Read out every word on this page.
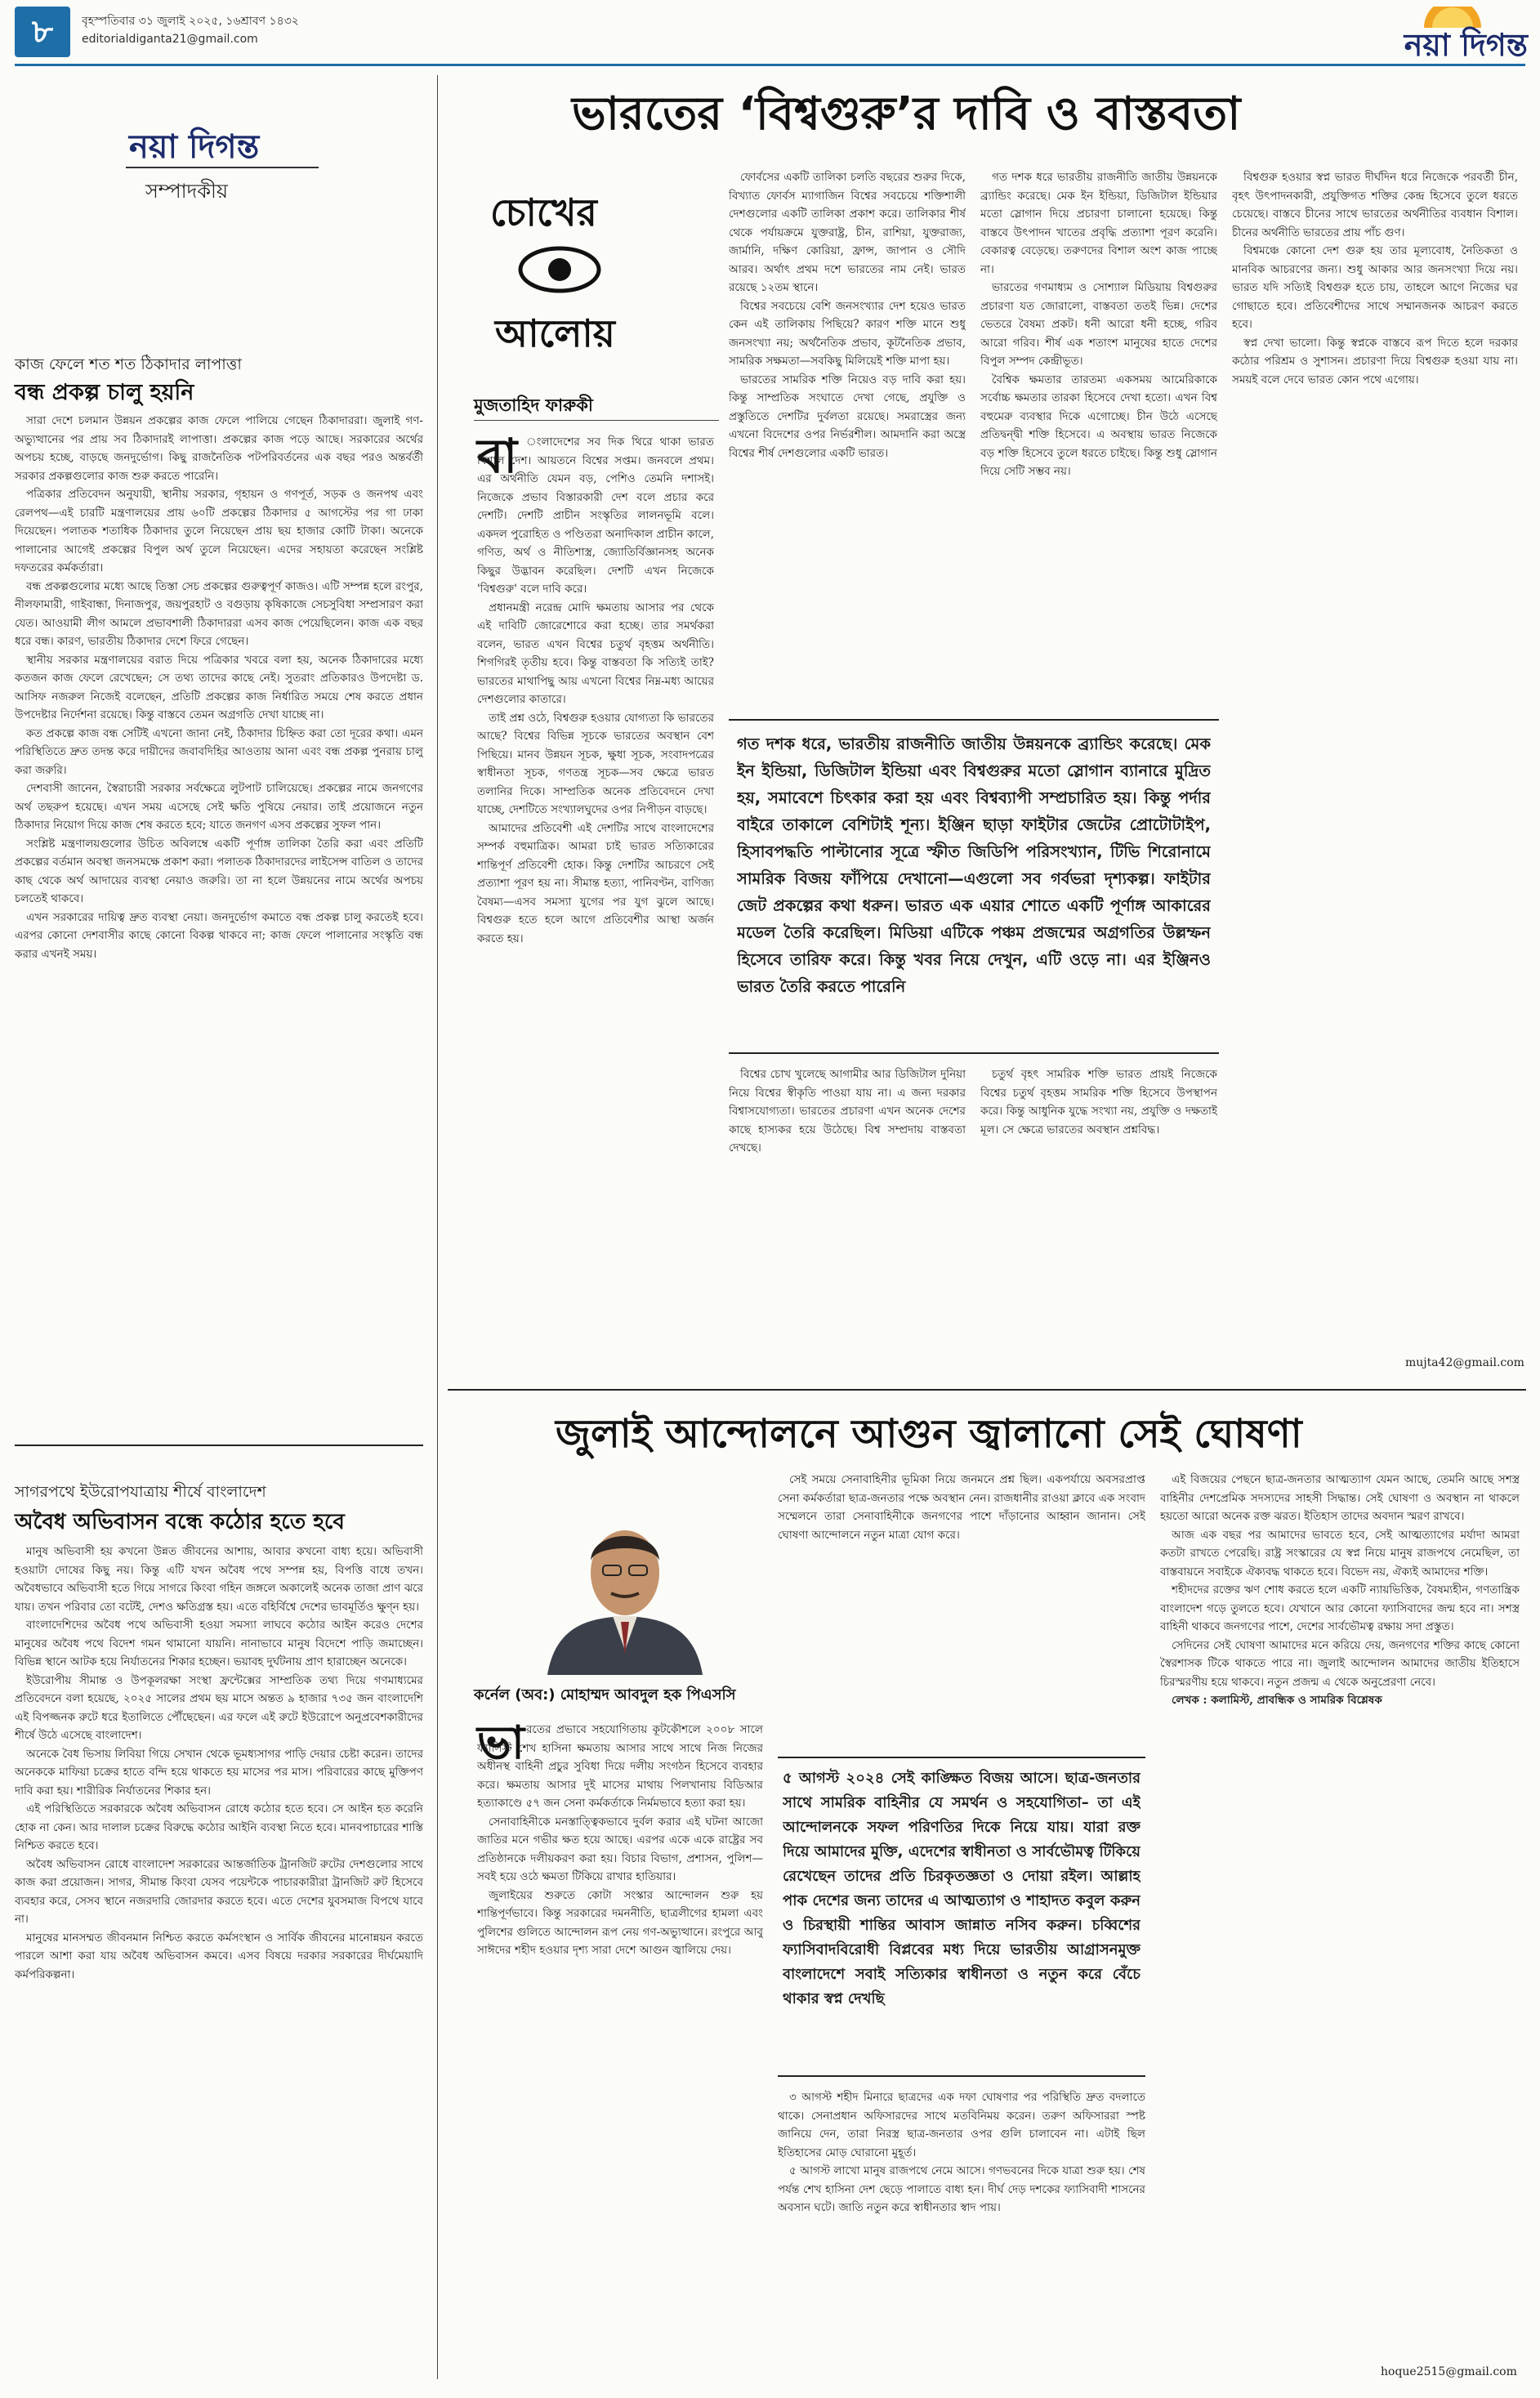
৮	বৃহস্পতিবার ৩১ জুলাই ২০২৫, ১৬শ্রাবণ ১৪৩২
editorialdiganta21@gmail.com	নয়া দিগন্ত
নয়া দিগন্ত
সম্পাদকীয়
কাজ ফেলে শত শত ঠিকাদার লাপাত্তা
বন্ধ প্রকল্প চালু হয়নি

সারা দেশে চলমান উন্নয়ন প্রকল্পের কাজ ফেলে পালিয়ে গেছেন ঠিকাদাররা। জুলাই গণ-অভ্যুত্থানের পর প্রায় সব ঠিকাদারই লাপাত্তা। প্রকল্পের কাজ পড়ে আছে। সরকারের অর্থের অপচয় হচ্ছে, বাড়ছে জনদুর্ভোগ। কিছু রাজনৈতিক পটপরিবর্তনের এক বছর পরও অন্তর্বর্তী সরকার প্রকল্পগুলোর কাজ শুরু করতে পারেনি।

পত্রিকার প্রতিবেদন অনুযায়ী, স্থানীয় সরকার, গৃহায়ন ও গণপূর্ত, সড়ক ও জনপথ এবং রেলপথ—এই চারটি মন্ত্রণালয়ের প্রায় ৬০টি প্রকল্পের ঠিকাদার ৫ আগস্টের পর গা ঢাকা দিয়েছেন। পলাতক শতাধিক ঠিকাদার তুলে নিয়েছেন প্রায় ছয় হাজার কোটি টাকা। অনেকে পালানোর আগেই প্রকল্পের বিপুল অর্থ তুলে নিয়েছেন। এদের সহায়তা করেছেন সংশ্লিষ্ট দফতরের কর্মকর্তারা।

বন্ধ প্রকল্পগুলোর মধ্যে আছে তিস্তা সেচ প্রকল্পের গুরুত্বপূর্ণ কাজও। এটি সম্পন্ন হলে রংপুর, নীলফামারী, গাইবান্ধা, দিনাজপুর, জয়পুরহাট ও বগুড়ায় কৃষিকাজে সেচসুবিধা সম্প্রসারণ করা যেত। আওয়ামী লীগ আমলে প্রভাবশালী ঠিকাদাররা এসব কাজ পেয়েছিলেন। কাজ এক বছর ধরে বন্ধ। কারণ, ভারতীয় ঠিকাদার দেশে ফিরে গেছেন।

স্থানীয় সরকার মন্ত্রণালয়ের বরাত দিয়ে পত্রিকার খবরে বলা হয়, অনেক ঠিকাদারের মধ্যে কতজন কাজ ফেলে রেখেছেন; সে তথ্য তাদের কাছে নেই। সুতরাং প্রতিকারও উপদেষ্টা ড. আসিফ নজরুল নিজেই বলেছেন, প্রতিটি প্রকল্পের কাজ নির্ধারিত সময়ে শেষ করতে প্রধান উপদেষ্টার নির্দেশনা রয়েছে। কিন্তু বাস্তবে তেমন অগ্রগতি দেখা যাচ্ছে না।

কত প্রকল্পে কাজ বন্ধ সেটিই এখনো জানা নেই, ঠিকাদার চিহ্নিত করা তো দূরের কথা। এমন পরিস্থিতিতে দ্রুত তদন্ত করে দায়ীদের জবাবদিহির আওতায় আনা এবং বন্ধ প্রকল্প পুনরায় চালু করা জরুরি।

দেশবাসী জানেন, স্বৈরাচারী সরকার সর্বক্ষেত্রে লুটপাট চালিয়েছে। প্রকল্পের নামে জনগণের অর্থ তছরুপ হয়েছে। এখন সময় এসেছে সেই ক্ষতি পুষিয়ে নেয়ার। তাই প্রয়োজনে নতুন ঠিকাদার নিয়োগ দিয়ে কাজ শেষ করতে হবে; যাতে জনগণ এসব প্রকল্পের সুফল পান।

সংশ্লিষ্ট মন্ত্রণালয়গুলোর উচিত অবিলম্বে একটি পূর্ণাঙ্গ তালিকা তৈরি করা এবং প্রতিটি প্রকল্পের বর্তমান অবস্থা জনসমক্ষে প্রকাশ করা। পলাতক ঠিকাদারদের লাইসেন্স বাতিল ও তাদের কাছ থেকে অর্থ আদায়ের ব্যবস্থা নেয়াও জরুরি। তা না হলে উন্নয়নের নামে অর্থের অপচয় চলতেই থাকবে।

এখন সরকারের দায়িত্ব দ্রুত ব্যবস্থা নেয়া। জনদুর্ভোগ কমাতে বন্ধ প্রকল্প চালু করতেই হবে। এরপর কোনো দেশবাসীর কাছে কোনো বিকল্প থাকবে না; কাজ ফেলে পালানোর সংস্কৃতি বন্ধ করার এখনই সময়।

সাগরপথে ইউরোপযাত্রায় শীর্ষে বাংলাদেশ
অবৈধ অভিবাসন বন্ধে কঠোর হতে হবে

মানুষ অভিবাসী হয় কখনো উন্নত জীবনের আশায়, আবার কখনো বাধ্য হয়ে। অভিবাসী হওয়াটা দোষের কিছু নয়। কিন্তু এটি যখন অবৈধ পথে সম্পন্ন হয়, বিপত্তি বাধে তখন। অবৈধভাবে অভিবাসী হতে গিয়ে সাগরে কিংবা গহিন জঙ্গলে অকালেই অনেক তাজা প্রাণ ঝরে যায়। তখন পরিবার তো বটেই, দেশও ক্ষতিগ্রস্ত হয়। এতে বহির্বিশ্বে দেশের ভাবমূর্তিও ক্ষুণ্ন হয়।

বাংলাদেশিদের অবৈধ পথে অভিবাসী হওয়া সমস্যা লাঘবে কঠোর আইন করেও দেশের মানুষের অবৈধ পথে বিদেশ গমন থামানো যায়নি। নানাভাবে মানুষ বিদেশে পাড়ি জমাচ্ছেন। বিভিন্ন স্থানে আটক হয়ে নির্যাতনের শিকার হচ্ছেন। ভয়াবহ দুর্ঘটনায় প্রাণ হারাচ্ছেন অনেকে।

ইউরোপীয় সীমান্ত ও উপকূলরক্ষা সংস্থা ফ্রন্টেক্সের সাম্প্রতিক তথ্য দিয়ে গণমাধ্যমের প্রতিবেদনে বলা হয়েছে, ২০২৫ সালের প্রথম ছয় মাসে অন্তত ৯ হাজার ৭৩৫ জন বাংলাদেশি এই বিপজ্জনক রুটে ধরে ইতালিতে পৌঁছেছেন। এর ফলে এই রুটে ইউরোপে অনুপ্রবেশকারীদের শীর্ষে উঠে এসেছে বাংলাদেশ।

অনেকে বৈধ ভিসায় লিবিয়া গিয়ে সেখান থেকে ভূমধ্যসাগর পাড়ি দেয়ার চেষ্টা করেন। তাদের অনেককে মাফিয়া চক্রের হাতে বন্দি হয়ে থাকতে হয় মাসের পর মাস। পরিবারের কাছে মুক্তিপণ দাবি করা হয়। শারীরিক নির্যাতনের শিকার হন।

এই পরিস্থিতিতে সরকারকে অবৈধ অভিবাসন রোধে কঠোর হতে হবে। সে আইন হত করেনি হোক না কেন। আর দালাল চক্রের বিরুদ্ধে কঠোর আইনি ব্যবস্থা নিতে হবে। মানবপাচারের শাস্তি নিশ্চিত করতে হবে।

অবৈধ অভিবাসন রোধে বাংলাদেশ সরকারের আন্তর্জাতিক ট্রানজিট রুটের দেশগুলোর সাথে কাজ করা প্রয়োজন। সাগর, সীমান্ত কিংবা যেসব পয়েন্টকে পাচারকারীরা ট্রানজিট রুট হিসেবে ব্যবহার করে, সেসব স্থানে নজরদারি জোরদার করতে হবে। এতে দেশের যুবসমাজ বিপথে যাবে না।

মানুষের মানসম্মত জীবনমান নিশ্চিত করতে কর্মসংস্থান ও সার্বিক জীবনের মানোন্নয়ন করতে পারলে আশা করা যায় অবৈধ অভিবাসন কমবে। এসব বিষয়ে দরকার সরকারের দীর্ঘমেয়াদি কর্মপরিকল্পনা।

ভারতের ‘বিশ্বগুরু’র দাবি ও বাস্তবতা
চোখের
আলোয়
মুজতাহিদ ফারুকী
বা ংলাদেশের সব দিক থিরে থাকা ভারত বিশাল দেশ। আয়তনে বিশ্বের সপ্তম। জনবলে প্রথম। এর অর্থনীতি যেমন বড়, পেশিও তেমনি দশাসই। নিজেকে প্রভাব বিস্তারকারী দেশ বলে প্রচার করে দেশটি। দেশটি প্রাচীন সংস্কৃতির লালনভূমি বলে। একদল পুরোহিত ও পণ্ডিতরা অনাদিকাল প্রাচীন কালে, গণিত, অর্থ ও নীতিশাস্ত্র, জ্যোতির্বিজ্ঞানসহ অনেক কিছুর উদ্ভাবন করেছিল। দেশটি এখন নিজেকে 'বিশ্বগুরু' বলে দাবি করে।

প্রধানমন্ত্রী নরেন্দ্র মোদি ক্ষমতায় আসার পর থেকে এই দাবিটি জোরেশোরে করা হচ্ছে। তার সমর্থকরা বলেন, ভারত এখন বিশ্বের চতুর্থ বৃহত্তম অর্থনীতি। শিগগিরই তৃতীয় হবে। কিন্তু বাস্তবতা কি সত্যিই তাই? ভারতের মাথাপিছু আয় এখনো বিশ্বের নিম্ন-মধ্য আয়ের দেশগুলোর কাতারে।

তাই প্রশ্ন ওঠে, বিশ্বগুরু হওয়ার যোগ্যতা কি ভারতের আছে? বিশ্বের বিভিন্ন সূচকে ভারতের অবস্থান বেশ পিছিয়ে। মানব উন্নয়ন সূচক, ক্ষুধা সূচক, সংবাদপত্রের স্বাধীনতা সূচক, গণতন্ত্র সূচক—সব ক্ষেত্রে ভারত তলানির দিকে। সাম্প্রতিক অনেক প্রতিবেদনে দেখা যাচ্ছে, দেশটিতে সংখ্যালঘুদের ওপর নিপীড়ন বাড়ছে।

আমাদের প্রতিবেশী এই দেশটির সাথে বাংলাদেশের সম্পর্ক বহুমাত্রিক। আমরা চাই ভারত সত্যিকারের শান্তিপূর্ণ প্রতিবেশী হোক। কিন্তু দেশটির আচরণে সেই প্রত্যাশা পূরণ হয় না। সীমান্ত হত্যা, পানিবণ্টন, বাণিজ্য বৈষম্য—এসব সমস্যা যুগের পর যুগ ঝুলে আছে। বিশ্বগুরু হতে হলে আগে প্রতিবেশীর আস্থা অর্জন করতে হয়।

ফোর্বসের একটি তালিকা চলতি বছরের শুরুর দিকে, বিখ্যাত ফোর্বস ম্যাগাজিন বিশ্বের সবচেয়ে শক্তিশালী দেশগুলোর একটি তালিকা প্রকাশ করে। তালিকার শীর্ষ থেকে পর্যায়ক্রমে যুক্তরাষ্ট্র, চীন, রাশিয়া, যুক্তরাজ্য, জার্মানি, দক্ষিণ কোরিয়া, ফ্রান্স, জাপান ও সৌদি আরব। অর্থাৎ প্রথম দশে ভারতের নাম নেই। ভারত রয়েছে ১২তম স্থানে।

বিশ্বের সবচেয়ে বেশি জনসংখ্যার দেশ হয়েও ভারত কেন এই তালিকায় পিছিয়ে? কারণ শক্তি মানে শুধু জনসংখ্যা নয়; অর্থনৈতিক প্রভাব, কূটনৈতিক প্রভাব, সামরিক সক্ষমতা—সবকিছু মিলিয়েই শক্তি মাপা হয়।

ভারতের সামরিক শক্তি নিয়েও বড় দাবি করা হয়। কিন্তু সাম্প্রতিক সংঘাতে দেখা গেছে, প্রযুক্তি ও প্রস্তুতিতে দেশটির দুর্বলতা রয়েছে। সমরাস্ত্রের জন্য এখনো বিদেশের ওপর নির্ভরশীল। আমদানি করা অস্ত্রে বিশ্বের শীর্ষ দেশগুলোর একটি ভারত।

গত দশক ধরে ভারতীয় রাজনীতি জাতীয় উন্নয়নকে ব্র্যান্ডিং করেছে। মেক ইন ইন্ডিয়া, ডিজিটাল ইন্ডিয়ার মতো স্লোগান দিয়ে প্রচারণা চালানো হয়েছে। কিন্তু বাস্তবে উৎপাদন খাতের প্রবৃদ্ধি প্রত্যাশা পূরণ করেনি। বেকারত্ব বেড়েছে। তরুণদের বিশাল অংশ কাজ পাচ্ছে না।

ভারতের গণমাধ্যম ও সোশ্যাল মিডিয়ায় বিশ্বগুরুর প্রচারণা যত জোরালো, বাস্তবতা ততই ভিন্ন। দেশের ভেতরে বৈষম্য প্রকট। ধনী আরো ধনী হচ্ছে, গরিব আরো গরিব। শীর্ষ এক শতাংশ মানুষের হাতে দেশের বিপুল সম্পদ কেন্দ্রীভূত।

বৈশ্বিক ক্ষমতার তারতম্য একসময় আমেরিকাকে সর্বোচ্চ ক্ষমতার তারকা হিসেবে দেখা হতো। এখন বিশ্ব বহুমেরু ব্যবস্থার দিকে এগোচ্ছে। চীন উঠে এসেছে প্রতিদ্বন্দ্বী শক্তি হিসেবে। এ অবস্থায় ভারত নিজেকে বড় শক্তি হিসেবে তুলে ধরতে চাইছে। কিন্তু শুধু স্লোগান দিয়ে সেটি সম্ভব নয়।

বিশ্বগুরু হওয়ার স্বপ্ন ভারত দীর্ঘদিন ধরে নিজেকে পরবর্তী চীন, বৃহৎ উৎপাদনকারী, প্রযুক্তিগত শক্তির কেন্দ্র হিসেবে তুলে ধরতে চেয়েছে। বাস্তবে চীনের সাথে ভারতের অর্থনীতির ব্যবধান বিশাল। চীনের অর্থনীতি ভারতের প্রায় পাঁচ গুণ।

বিশ্বমঞ্চে কোনো দেশ গুরু হয় তার মূল্যবোধ, নৈতিকতা ও মানবিক আচরণের জন্য। শুধু আকার আর জনসংখ্যা দিয়ে নয়। ভারত যদি সত্যিই বিশ্বগুরু হতে চায়, তাহলে আগে নিজের ঘর গোছাতে হবে। প্রতিবেশীদের সাথে সম্মানজনক আচরণ করতে হবে।

স্বপ্ন দেখা ভালো। কিন্তু স্বপ্নকে বাস্তবে রূপ দিতে হলে দরকার কঠোর পরিশ্রম ও সুশাসন। প্রচারণা দিয়ে বিশ্বগুরু হওয়া যায় না। সময়ই বলে দেবে ভারত কোন পথে এগোয়।

গত দশক ধরে, ভারতীয় রাজনীতি জাতীয় উন্নয়নকে ব্র্যান্ডিং করেছে। মেক ইন ইন্ডিয়া, ডিজিটাল ইন্ডিয়া এবং বিশ্বগুরুর মতো স্লোগান ব্যানারে মুদ্রিত হয়, সমাবেশে চিৎকার করা হয় এবং বিশ্বব্যাপী সম্প্রচারিত হয়। কিন্তু পর্দার বাইরে তাকালে বেশিটাই শূন্য। ইঞ্জিন ছাড়া ফাইটার জেটের প্রোটোটাইপ, হিসাবপদ্ধতি পাল্টানোর সূত্রে স্ফীত জিডিপি পরিসংখ্যান, টিভি শিরোনামে সামরিক বিজয় ফাঁপিয়ে দেখানো—এগুলো সব গর্বভরা দৃশ্যকল্প। ফাইটার জেট প্রকল্পের কথা ধরুন। ভারত এক এয়ার শোতে একটি পূর্ণাঙ্গ আকারের মডেল তৈরি করেছিল। মিডিয়া এটিকে পঞ্চম প্রজন্মের অগ্রগতির উল্লম্ফন হিসেবে তারিফ করে। কিন্তু খবর নিয়ে দেখুন, এটি ওড়ে না। এর ইঞ্জিনও ভারত তৈরি করতে পারেনি

বিশ্বের চোখ খুলেছে আগামীর আর ডিজিটাল দুনিয়া নিয়ে বিশ্বের স্বীকৃতি পাওয়া যায় না। এ জন্য দরকার বিশ্বাসযোগ্যতা। ভারতের প্রচারণা এখন অনেক দেশের কাছে হাস্যকর হয়ে উঠেছে। বিশ্ব সম্প্রদায় বাস্তবতা দেখছে।

চতুর্থ বৃহৎ সামরিক শক্তি ভারত প্রায়ই নিজেকে বিশ্বের চতুর্থ বৃহত্তম সামরিক শক্তি হিসেবে উপস্থাপন করে। কিন্তু আধুনিক যুদ্ধে সংখ্যা নয়, প্রযুক্তি ও দক্ষতাই মূল। সে ক্ষেত্রে ভারতের অবস্থান প্রশ্নবিদ্ধ।

mujta42@gmail.com
জুলাই আন্দোলনে আগুন জ্বালানো সেই ঘোষণা
কর্নেল (অব:) মোহাম্মদ আবদুল হক পিএসসি
ভা রতের প্রভাবে সহযোগিতায় কূটকৌশলে ২০০৮ সালে ফ্যাসিস্ট শেখ হাসিনা ক্ষমতায় আসার সাথে সাথে নিজ নিজের অধীনস্থ বাহিনী প্রচুর সুবিধা দিয়ে দলীয় সংগঠন হিসেবে ব্যবহার করে। ক্ষমতায় আসার দুই মাসের মাথায় পিলখানায় বিডিআর হত্যাকাণ্ডে ৫৭ জন সেনা কর্মকর্তাকে নির্মমভাবে হত্যা করা হয়।

সেনাবাহিনীকে মনস্তাত্ত্বিকভাবে দুর্বল করার এই ঘটনা আজো জাতির মনে গভীর ক্ষত হয়ে আছে। এরপর একে একে রাষ্ট্রের সব প্রতিষ্ঠানকে দলীয়করণ করা হয়। বিচার বিভাগ, প্রশাসন, পুলিশ—সবই হয়ে ওঠে ক্ষমতা টিকিয়ে রাখার হাতিয়ার।

জুলাইয়ের শুরুতে কোটা সংস্কার আন্দোলন শুরু হয় শান্তিপূর্ণভাবে। কিন্তু সরকারের দমননীতি, ছাত্রলীগের হামলা এবং পুলিশের গুলিতে আন্দোলন রূপ নেয় গণ-অভ্যুত্থানে। রংপুরে আবু সাঈদের শহীদ হওয়ার দৃশ্য সারা দেশে আগুন জ্বালিয়ে দেয়।

সেই সময়ে সেনাবাহিনীর ভূমিকা নিয়ে জনমনে প্রশ্ন ছিল। একপর্যায়ে অবসরপ্রাপ্ত সেনা কর্মকর্তারা ছাত্র-জনতার পক্ষে অবস্থান নেন। রাজধানীর রাওয়া ক্লাবে এক সংবাদ সম্মেলনে তারা সেনাবাহিনীকে জনগণের পাশে দাঁড়ানোর আহ্বান জানান। সেই ঘোষণা আন্দোলনে নতুন মাত্রা যোগ করে।

৫ আগস্ট ২০২৪ সেই কাঙ্ক্ষিত বিজয় আসে। ছাত্র-জনতার সাথে সামরিক বাহিনীর যে সমর্থন ও সহযোগিতা– তা এই আন্দোলনকে সফল পরিণতির দিকে নিয়ে যায়। যারা রক্ত দিয়ে আমাদের মুক্তি, এদেশের স্বাধীনতা ও সার্বভৌমত্ব টিকিয়ে রেখেছেন তাদের প্রতি চিরকৃতজ্ঞতা ও দোয়া রইল। আল্লাহ পাক দেশের জন্য তাদের এ আত্মত্যাগ ও শাহাদত কবুল করুন ও চিরস্থায়ী শান্তির আবাস জান্নাত নসিব করুন। চব্বিশের ফ্যাসিবাদবিরোধী বিপ্লবের মধ্য দিয়ে ভারতীয় আগ্রাসনমুক্ত বাংলাদেশে সবাই সত্যিকার স্বাধীনতা ও নতুন করে বেঁচে থাকার স্বপ্ন দেখছি

৩ আগস্ট শহীদ মিনারে ছাত্রদের এক দফা ঘোষণার পর পরিস্থিতি দ্রুত বদলাতে থাকে। সেনাপ্রধান অফিসারদের সাথে মতবিনিময় করেন। তরুণ অফিসাররা স্পষ্ট জানিয়ে দেন, তারা নিরস্ত্র ছাত্র-জনতার ওপর গুলি চালাবেন না। এটাই ছিল ইতিহাসের মোড় ঘোরানো মুহূর্ত।

৫ আগস্ট লাখো মানুষ রাজপথে নেমে আসে। গণভবনের দিকে যাত্রা শুরু হয়। শেষ পর্যন্ত শেখ হাসিনা দেশ ছেড়ে পালাতে বাধ্য হন। দীর্ঘ দেড় দশকের ফ্যাসিবাদী শাসনের অবসান ঘটে। জাতি নতুন করে স্বাধীনতার স্বাদ পায়।

এই বিজয়ের পেছনে ছাত্র-জনতার আত্মত্যাগ যেমন আছে, তেমনি আছে সশস্ত্র বাহিনীর দেশপ্রেমিক সদস্যদের সাহসী সিদ্ধান্ত। সেই ঘোষণা ও অবস্থান না থাকলে হয়তো আরো অনেক রক্ত ঝরত। ইতিহাস তাদের অবদান স্মরণ রাখবে।

আজ এক বছর পর আমাদের ভাবতে হবে, সেই আত্মত্যাগের মর্যাদা আমরা কতটা রাখতে পেরেছি। রাষ্ট্র সংস্কারের যে স্বপ্ন নিয়ে মানুষ রাজপথে নেমেছিল, তা বাস্তবায়নে সবাইকে ঐক্যবদ্ধ থাকতে হবে। বিভেদ নয়, ঐক্যই আমাদের শক্তি।

শহীদদের রক্তের ঋণ শোধ করতে হলে একটি ন্যায়ভিত্তিক, বৈষম্যহীন, গণতান্ত্রিক বাংলাদেশ গড়ে তুলতে হবে। যেখানে আর কোনো ফ্যাসিবাদের জন্ম হবে না। সশস্ত্র বাহিনী থাকবে জনগণের পাশে, দেশের সার্বভৌমত্ব রক্ষায় সদা প্রস্তুত।

সেদিনের সেই ঘোষণা আমাদের মনে করিয়ে দেয়, জনগণের শক্তির কাছে কোনো স্বৈরশাসক টিকে থাকতে পারে না। জুলাই আন্দোলন আমাদের জাতীয় ইতিহাসে চিরস্মরণীয় হয়ে থাকবে। নতুন প্রজন্ম এ থেকে অনুপ্রেরণা নেবে।

লেখক : কলামিস্ট, প্রাবন্ধিক ও সামরিক বিশ্লেষক

hoque2515@gmail.com
